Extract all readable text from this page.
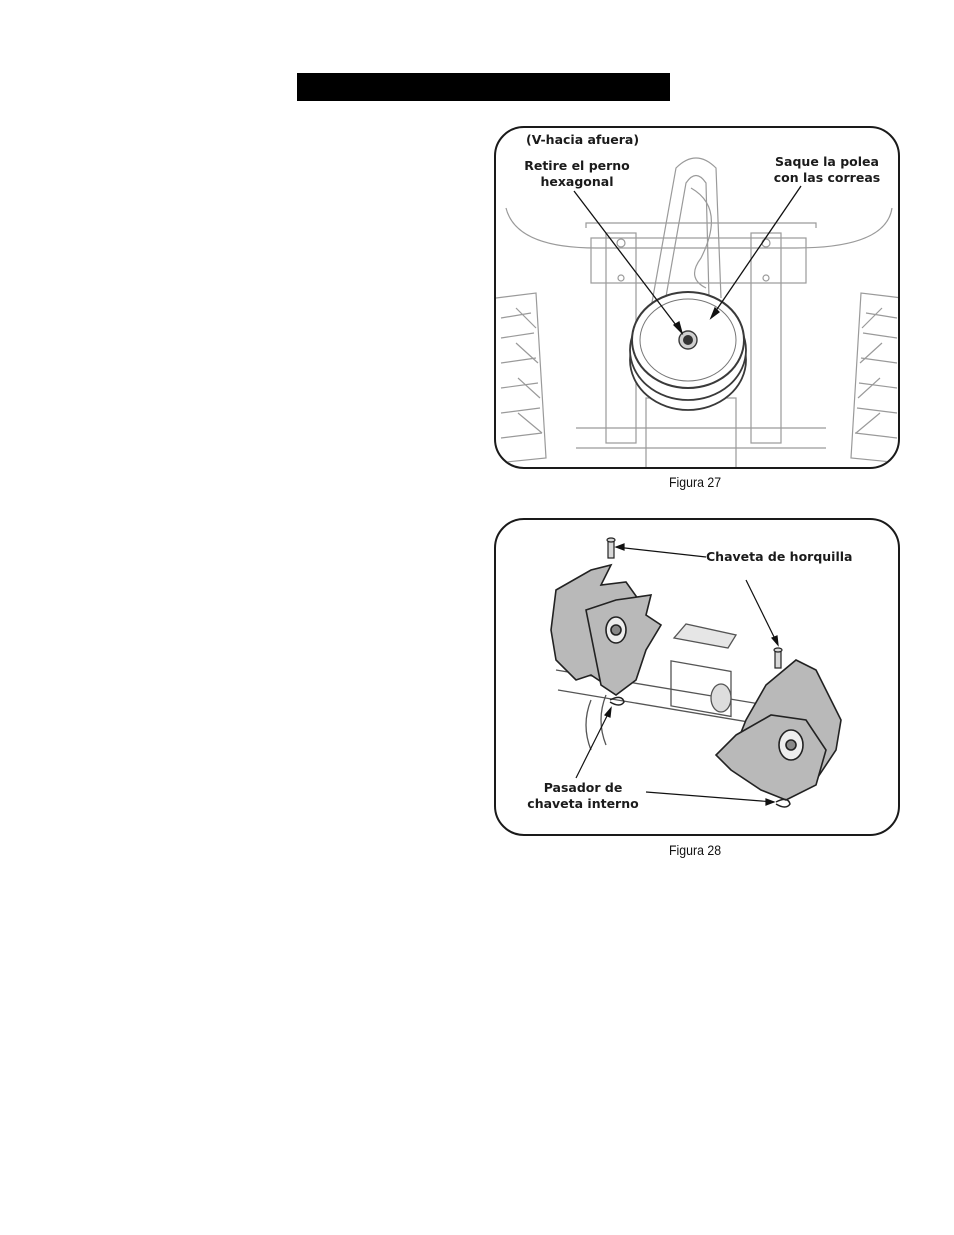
(V-hacia afuera)
Retire el perno
hexagonal
Saque la polea
con las correas
Figura 27
Chaveta de horquilla
Pasador de
chaveta interno
Figura 28
